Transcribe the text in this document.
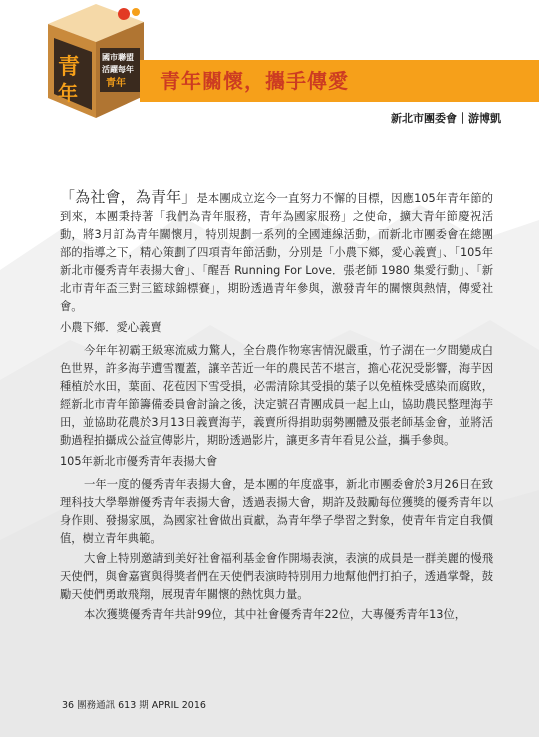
青
年
國市聯盟
活躍每年
青年 青年關懷，攜手傳愛
新北市團委會｜游博凱

「為社會，為青年」是本團成立迄今一直努力不懈的目標，因應105年青年節的到來，本團秉持著「我們為青年服務，青年為國家服務」之使命，擴大青年節慶祝活動，將3月訂為青年關懷月，特別規劃一系列的全國連線活動，而新北市團委會在總團部的指導之下，精心策劃了四項青年節活動，分別是「小農下鄉，愛心義賣」、「105年新北市優秀青年表揚大會」、「醒吾 Running For Love．張老師 1980 集愛行動」、「新北市青年盃三對三籃球錦標賽」，期盼透過青年參與，激發青年的關懷與熱情，傳愛社會。

小農下鄉．愛心義賣

今年年初霸王級寒流威力驚人，全台農作物寒害情況嚴重，竹子湖在一夕間變成白色世界，許多海芋遭雪覆蓋，讓辛苦近一年的農民苦不堪言，擔心花況受影響，海芋因種植於水田，葉面、花苞因下雪受損，必需清除其受損的葉子以免植株受感染而腐敗，經新北市青年節籌備委員會討論之後，決定號召青團成員一起上山，協助農民整理海芋田，並協助花農於3月13日義賣海芋，義賣所得捐助弱勢團體及張老師基金會，並將活動過程拍攝成公益宣傳影片，期盼透過影片，讓更多青年看見公益，攜手參與。

105年新北市優秀青年表揚大會

一年一度的優秀青年表揚大會，是本團的年度盛事，新北市團委會於3月26日在致理科技大學舉辦優秀青年表揚大會，透過表揚大會，期許及鼓勵每位獲獎的優秀青年以身作則、發揚家風，為國家社會做出貢獻，為青年學子學習之對象，使青年肯定自我價值，樹立青年典範。

大會上特別邀請到美好社會福利基金會作開場表演，表演的成員是一群美麗的慢飛天使們，與會嘉賓與得獎者們在天使們表演時特別用力地幫他們打拍子，透過掌聲，鼓勵天使們勇敢飛翔，展現青年關懷的熱忱與力量。

本次獲獎優秀青年共計99位，其中社會優秀青年22位，大專優秀青年13位，

36 團務通訊 613 期 APRIL 2016
